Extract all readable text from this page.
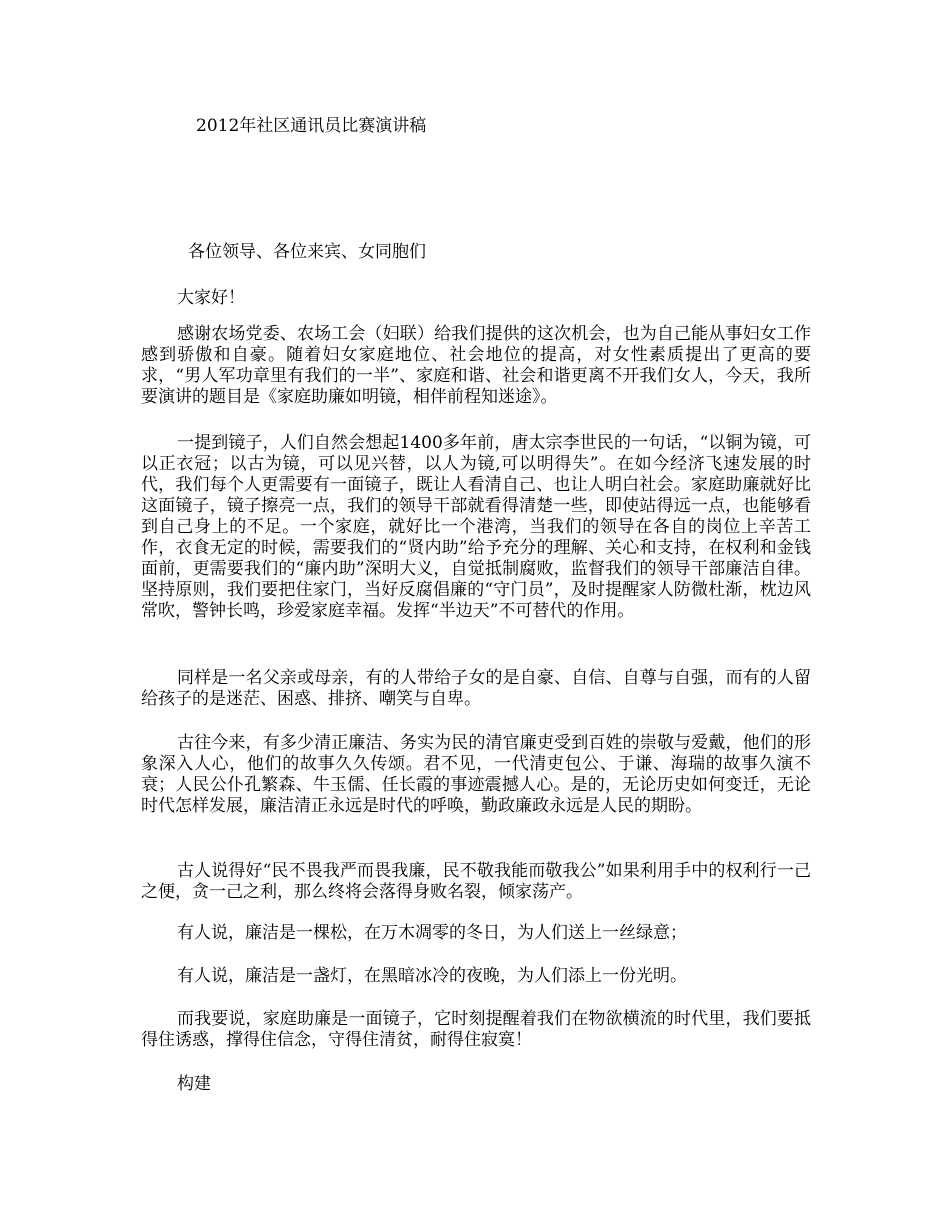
2012年社区通讯员比赛演讲稿
各位领导、各位来宾、女同胞们

大家好！

感谢农场党委、农场工会（妇联）给我们提供的这次机会，也为自己能从事妇女工作感到骄傲和自豪。随着妇女家庭地位、社会地位的提高，对女性素质提出了更高的要求，“男人军功章里有我们的一半”、家庭和谐、社会和谐更离不开我们女人，今天，我所要演讲的题目是《家庭助廉如明镜，相伴前程知迷途》。

一提到镜子，人们自然会想起1400多年前，唐太宗李世民的一句话，“以铜为镜，可以正衣冠；以古为镜，可以见兴替，以人为镜,可以明得失”。在如今经济飞速发展的时代，我们每个人更需要有一面镜子，既让人看清自己、也让人明白社会。家庭助廉就好比这面镜子，镜子擦亮一点，我们的领导干部就看得清楚一些，即使站得远一点，也能够看到自己身上的不足。一个家庭，就好比一个港湾，当我们的领导在各自的岗位上辛苦工作，衣食无定的时候，需要我们的“贤内助”给予充分的理解、关心和支持，在权利和金钱面前，更需要我们的“廉内助”深明大义，自觉抵制腐败，监督我们的领导干部廉洁自律。坚持原则，我们要把住家门，当好反腐倡廉的“守门员”，及时提醒家人防微杜渐，枕边风常吹，警钟长鸣，珍爱家庭幸福。发挥“半边天”不可替代的作用。

同样是一名父亲或母亲，有的人带给子女的是自豪、自信、自尊与自强，而有的人留给孩子的是迷茫、困惑、排挤、嘲笑与自卑。

古往今来，有多少清正廉洁、务实为民的清官廉吏受到百姓的崇敬与爱戴，他们的形象深入人心，他们的故事久久传颂。君不见，一代清吏包公、于谦、海瑞的故事久演不衰；人民公仆孔繁森、牛玉儒、任长霞的事迹震撼人心。是的，无论历史如何变迁，无论时代怎样发展，廉洁清正永远是时代的呼唤，勤政廉政永远是人民的期盼。

古人说得好“民不畏我严而畏我廉，民不敬我能而敬我公”如果利用手中的权利行一己之便，贪一己之利，那么终将会落得身败名裂，倾家荡产。

有人说，廉洁是一棵松，在万木凋零的冬日，为人们送上一丝绿意；

有人说，廉洁是一盏灯，在黑暗冰冷的夜晚，为人们添上一份光明。

而我要说，家庭助廉是一面镜子，它时刻提醒着我们在物欲横流的时代里，我们要抵得住诱惑，撑得住信念，守得住清贫，耐得住寂寞！

构建
